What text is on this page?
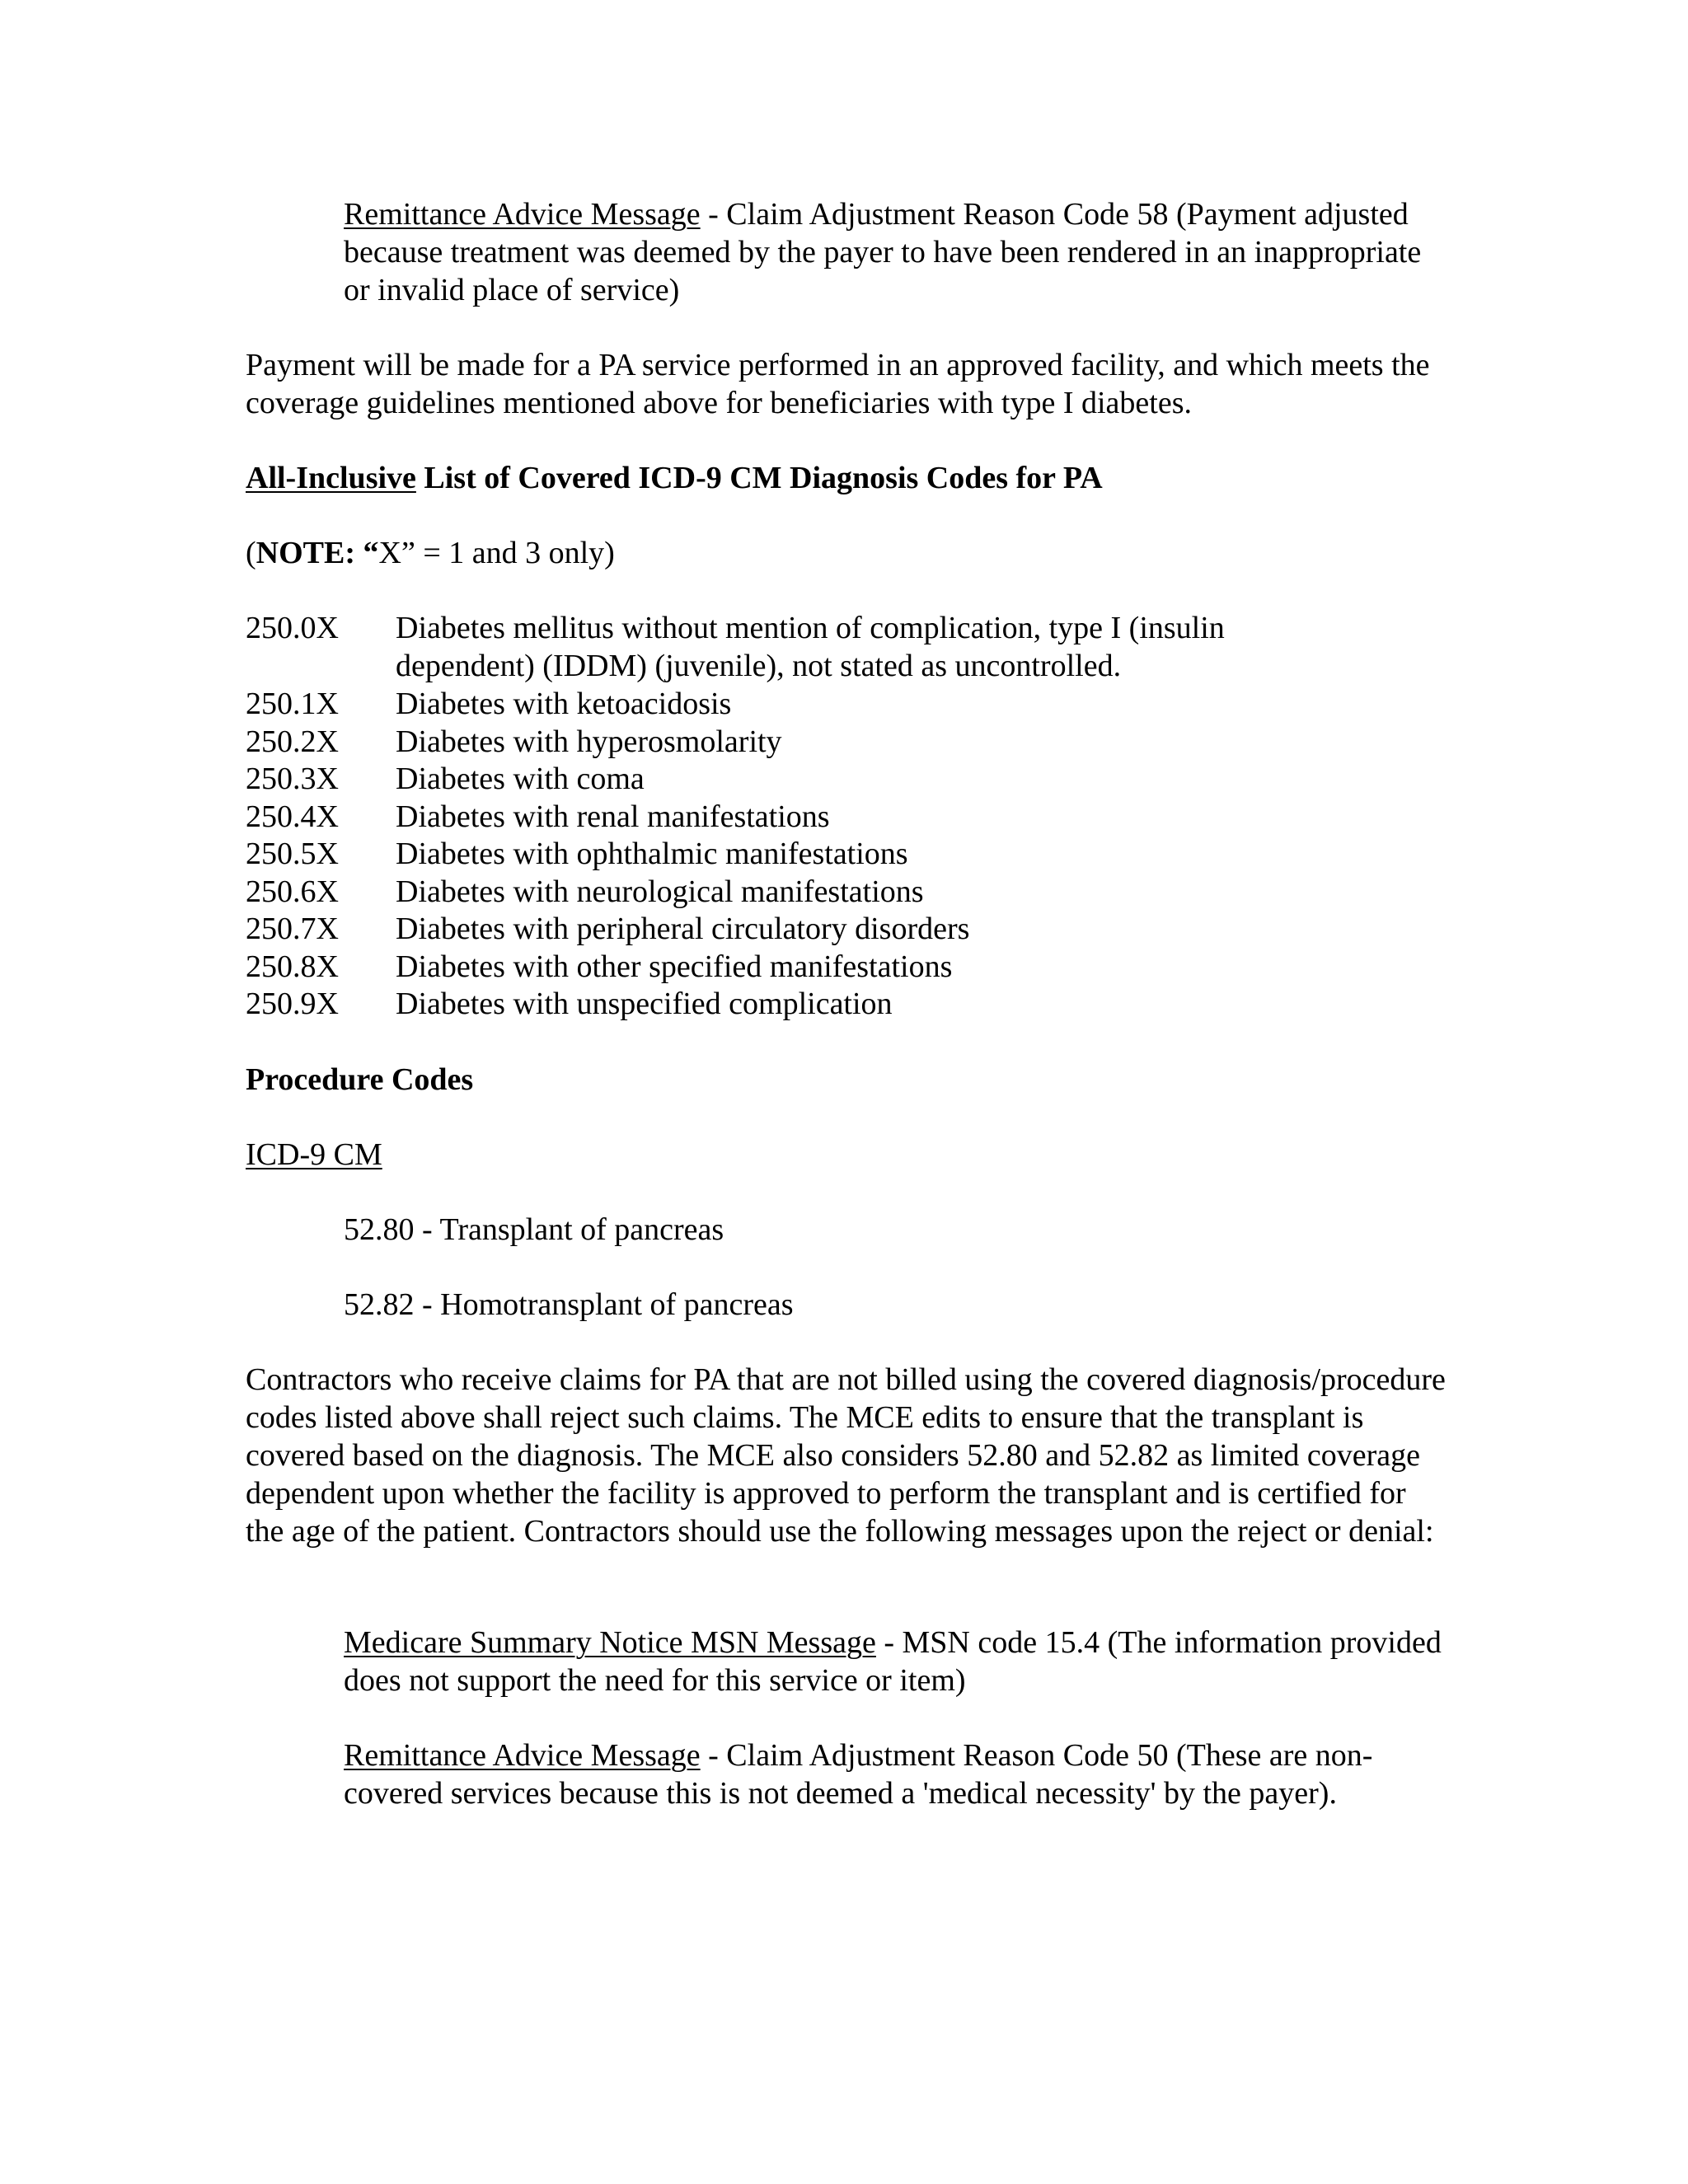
Remittance Advice Message - Claim Adjustment Reason Code 58 (Payment adjusted because treatment was deemed by the payer to have been rendered in an inappropriate or invalid place of service)

Payment will be made for a PA service performed in an approved facility, and which meets the coverage guidelines mentioned above for beneficiaries with type I diabetes.

All-Inclusive List of Covered ICD-9 CM Diagnosis Codes for PA

(NOTE: “X” = 1 and 3 only)

250.0X	Diabetes mellitus without mention of complication, type I (insulin dependent) (IDDM) (juvenile), not stated as uncontrolled.
250.1X	Diabetes with ketoacidosis
250.2X	Diabetes with hyperosmolarity
250.3X	Diabetes with coma
250.4X	Diabetes with renal manifestations
250.5X	Diabetes with ophthalmic manifestations
250.6X	Diabetes with neurological manifestations
250.7X	Diabetes with peripheral circulatory disorders
250.8X	Diabetes with other specified manifestations
250.9X	Diabetes with unspecified complication

Procedure Codes

ICD-9 CM

52.80 - Transplant of pancreas

52.82 - Homotransplant of pancreas

Contractors who receive claims for PA that are not billed using the covered diagnosis/procedure codes listed above shall reject such claims. The MCE edits to ensure that the transplant is covered based on the diagnosis. The MCE also considers 52.80 and 52.82 as limited coverage dependent upon whether the facility is approved to perform the transplant and is certified for the age of the patient. Contractors should use the following messages upon the reject or denial:

Medicare Summary Notice MSN Message - MSN code 15.4 (The information provided does not support the need for this service or item)

Remittance Advice Message - Claim Adjustment Reason Code 50 (These are non-covered services because this is not deemed a 'medical necessity' by the payer).
